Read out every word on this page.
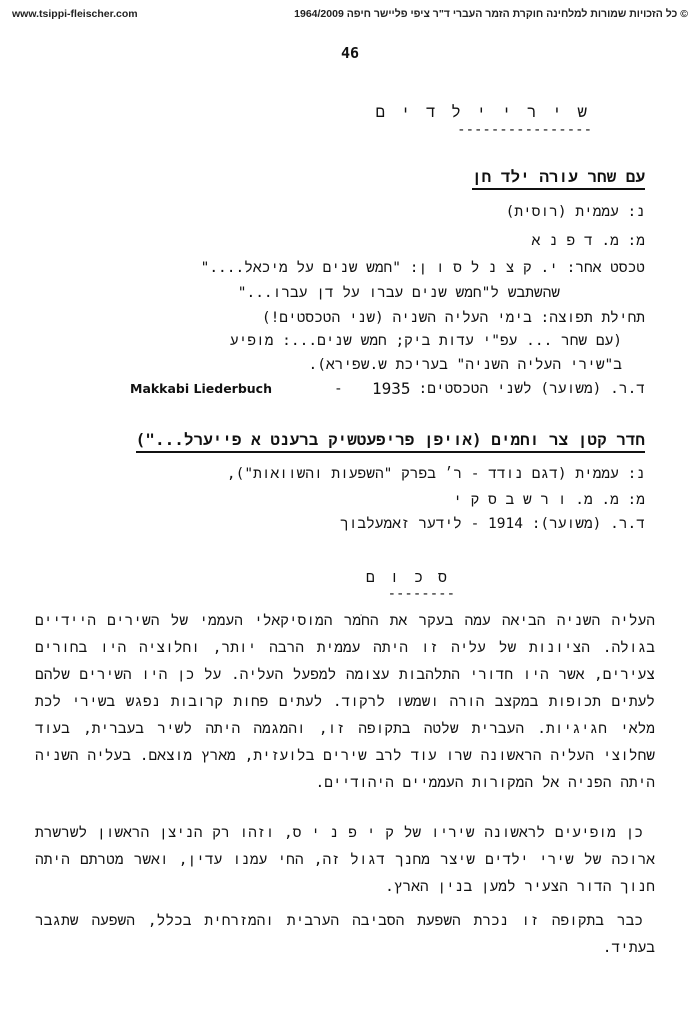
www.tsippi-fleischer.com	© כל הזכויות שמורות למלחינה חוקרת הזמר העברי ד"ר ציפי פליישר חיפה 1964/2009
46
ש י ר י י ל ד י ם
----------------
עם שחר עורה ילד חן
נ: עממית (רוסית)
מ: מ. ד פ נ א
טכסט אחר: י. ק צ נ ל ס ו ן: "חמש שנים על מיכאל...."
שהשתבש ל"חמש שנים עברו על דן עברו..."
תחילת תפוצה: בימי העליה השניה (שני הטכסטים!)
(עם שחר ... עפ"י עדות ביק; חמש שנים...: מופיע
ב"שירי העליה השניה" בעריכת ש.שפירא).
ד.ר. (משוער) לשני הטכסטים:
1935
-
Makkabi Liederbuch
חדר קטן צר וחמים (אויפן פריפעטשיק ברענט א פייערל...")
נ: עממית (דגם נודד - ר׳ בפרק "השפעות והשוואות"),
מ: מ. מ. ו ר ש ב ס ק י
ד.ר. (משוער): 1914 - לידער זאמעלבוך
ס כ ו ם
--------
העליה השניה הביאה עמה בעקר את החֹמר המוסיקאלי העממי של השירים היידיים בגולה. הציונות של עליה זו היתה עממית הרבה יותר, וחלוציה היו בחורים צעירים, אשר היו חדורי התלהבות עצומה למפעל העליה. על כן היו השירים שלהם לעתים תכופות במקצב הורה ושמשו לרקוד. לעתים פחות קרובות נפגש בשירי לכת מלאי חגיגיות. העברית שלטה בתקופה זו, והמגמה היתה לשיר בעברית, בעוד שחלוצי העליה הראשונה שרו עוד לרב שירים בלועזית, מארץ מוצאם. בעליה השניה היתה הפניה אל המקורות העממיים היהודיים.
כן מופיעים לראשונה שיריו של ק י פ נ י ס, וזהו רק הניצן הראשון לשרשרת ארוכה של שירי ילדים שיצר מחנך דגול זה, החי עמנו עדין, ואשר מטרתם היתה חנוך הדור הצעיר למען בנין הארץ.
כבר בתקופה זו נכרת השפעת הסביבה הערבית והמזרחית בכלל, השפעה שתגבר בעתיד.
